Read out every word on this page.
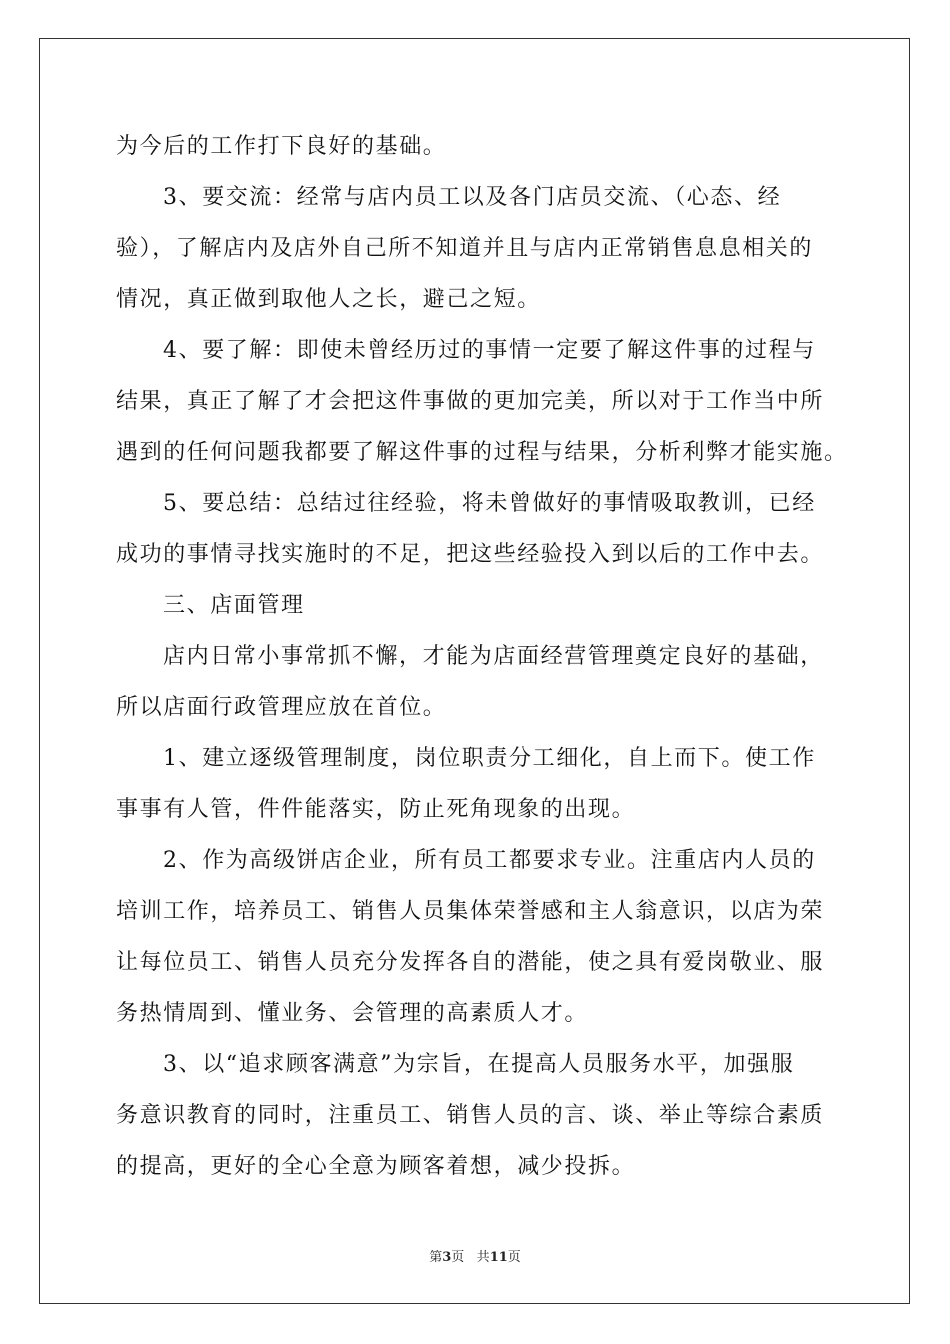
为今后的工作打下良好的基础。
3、要交流：经常与店内员工以及各门店员交流、（心态、经
验），了解店内及店外自己所不知道并且与店内正常销售息息相关的
情况，真正做到取他人之长，避己之短。
4、要了解：即使未曾经历过的事情一定要了解这件事的过程与
结果，真正了解了才会把这件事做的更加完美，所以对于工作当中所
遇到的任何问题我都要了解这件事的过程与结果，分析利弊才能实施。
5、要总结：总结过往经验，将未曾做好的事情吸取教训，已经
成功的事情寻找实施时的不足，把这些经验投入到以后的工作中去。
三、店面管理
店内日常小事常抓不懈，才能为店面经营管理奠定良好的基础，
所以店面行政管理应放在首位。
1、建立逐级管理制度，岗位职责分工细化，自上而下。使工作
事事有人管，件件能落实，防止死角现象的出现。
2、作为高级饼店企业，所有员工都要求专业。注重店内人员的
培训工作，培养员工、销售人员集体荣誉感和主人翁意识，以店为荣
让每位员工、销售人员充分发挥各自的潜能，使之具有爱岗敬业、服
务热情周到、懂业务、会管理的高素质人才。
3、以“追求顾客满意”为宗旨，在提高人员服务水平，加强服
务意识教育的同时，注重员工、销售人员的言、谈、举止等综合素质
的提高，更好的全心全意为顾客着想，减少投拆。
第3页 共11页
